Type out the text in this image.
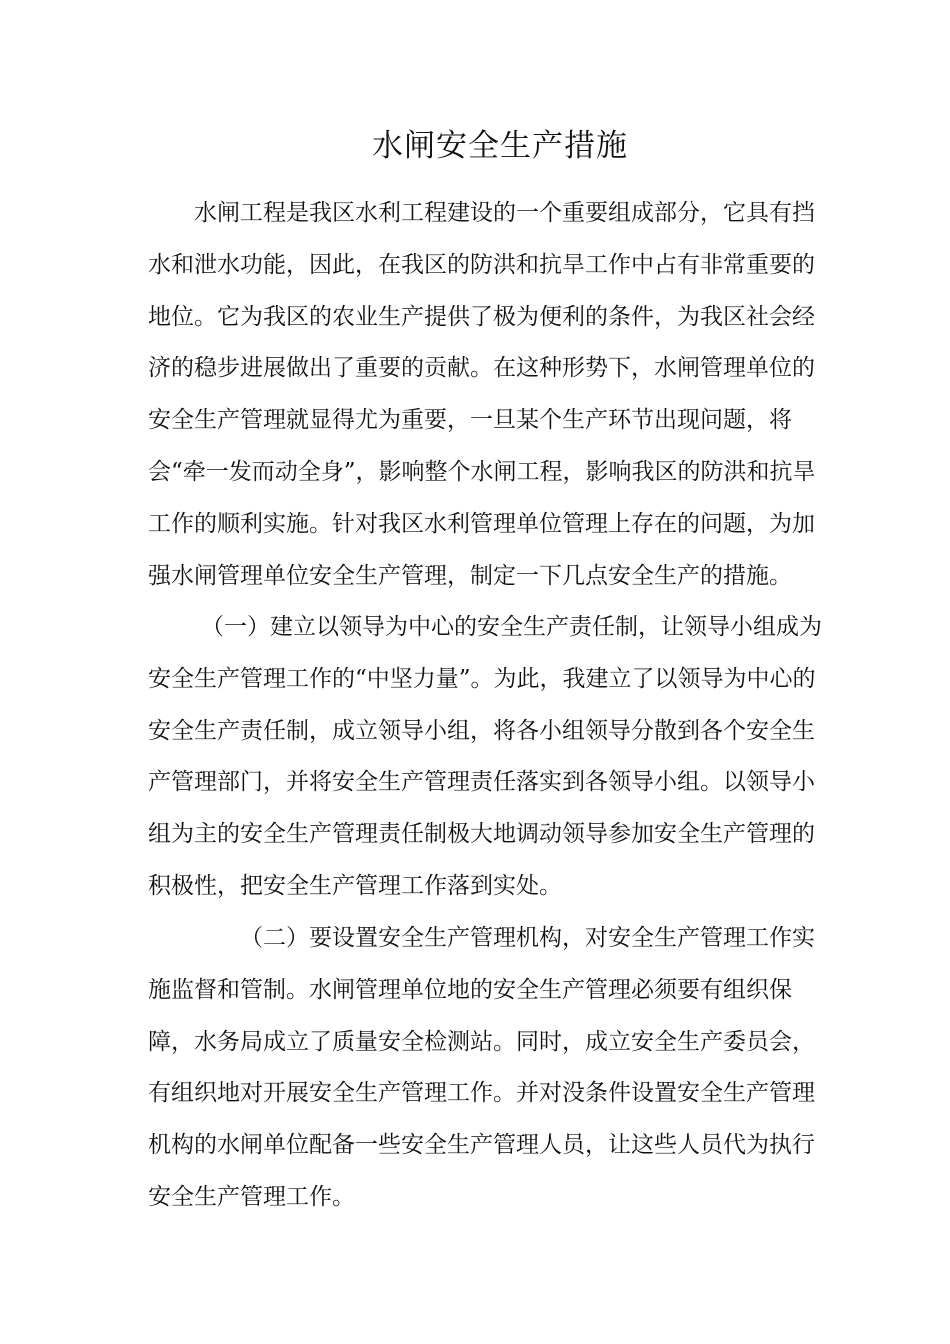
水闸安全生产措施
水闸工程是我区水利工程建设的一个重要组成部分，它具有挡
水和泄水功能，因此，在我区的防洪和抗旱工作中占有非常重要的
地位。它为我区的农业生产提供了极为便利的条件，为我区社会经
济的稳步进展做出了重要的贡献。在这种形势下，水闸管理单位的
安全生产管理就显得尤为重要，一旦某个生产环节出现问题，将
会“牵一发而动全身”，影响整个水闸工程，影响我区的防洪和抗旱
工作的顺利实施。针对我区水利管理单位管理上存在的问题，为加
强水闸管理单位安全生产管理，制定一下几点安全生产的措施。
（一）建立以领导为中心的安全生产责任制，让领导小组成为
安全生产管理工作的“中坚力量”。为此，我建立了以领导为中心的
安全生产责任制，成立领导小组，将各小组领导分散到各个安全生
产管理部门，并将安全生产管理责任落实到各领导小组。以领导小
组为主的安全生产管理责任制极大地调动领导参加安全生产管理的
积极性，把安全生产管理工作落到实处。
（二）要设置安全生产管理机构，对安全生产管理工作实
施监督和管制。水闸管理单位地的安全生产管理必须要有组织保
障，水务局成立了质量安全检测站。同时，成立安全生产委员会，
有组织地对开展安全生产管理工作。并对没条件设置安全生产管理
机构的水闸单位配备一些安全生产管理人员，让这些人员代为执行
安全生产管理工作。
